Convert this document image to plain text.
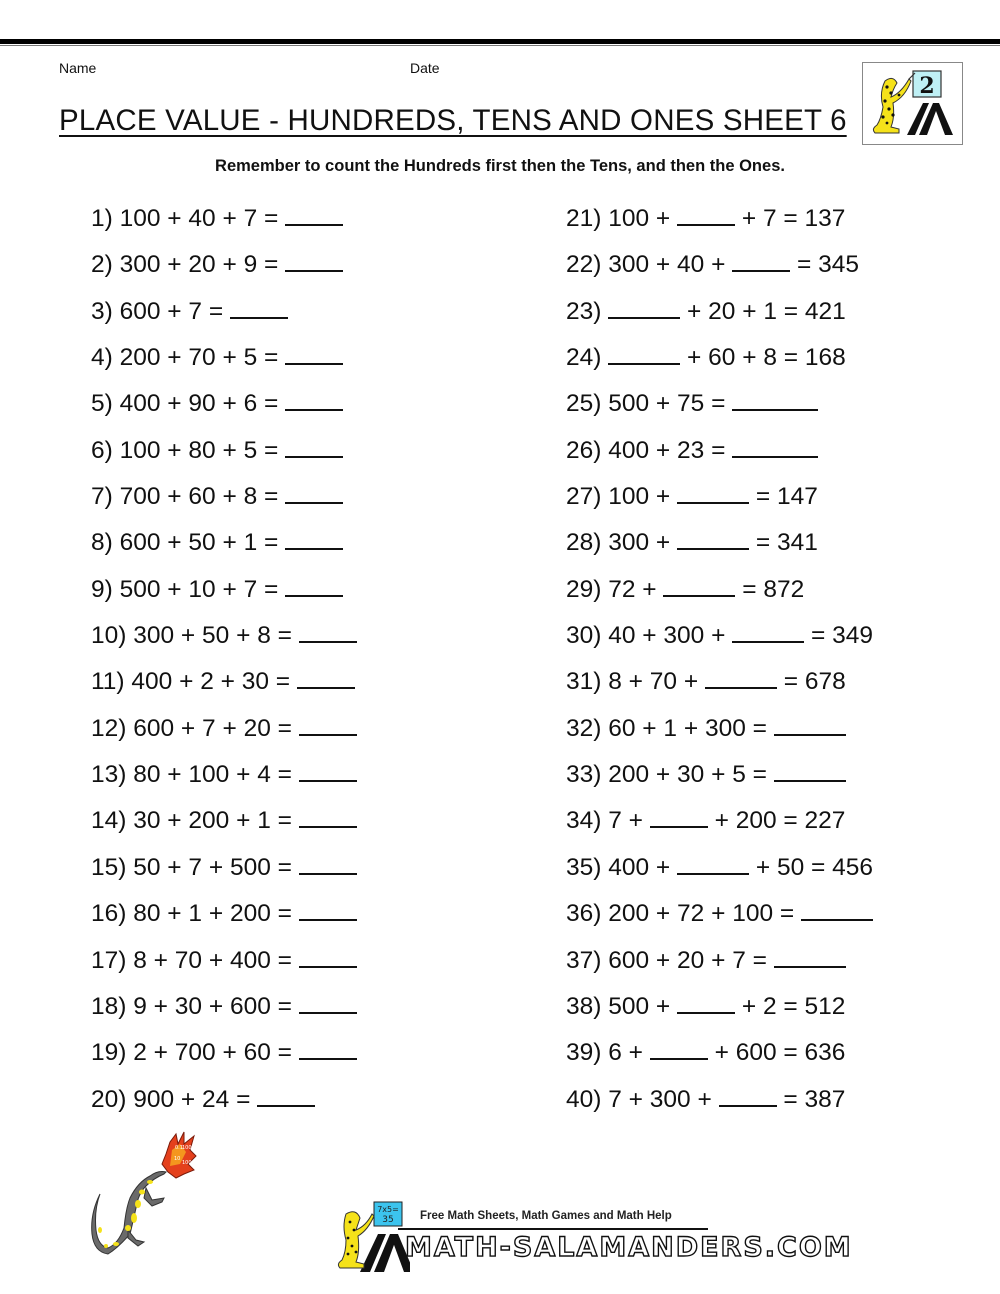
Name	Date
PLACE VALUE - HUNDREDS, TENS AND ONES SHEET 6
2
Remember to count the Hundreds first then the Tens, and then the Ones.
1) 100 + 40 + 7 =
2) 300 + 20 + 9 =
3) 600 + 7 =
4) 200 + 70 + 5 =
5) 400 + 90 + 6 =
6) 100 + 80 + 5 =
7) 700 + 60 + 8 =
8) 600 + 50 + 1 =
9) 500 + 10 + 7 =
10) 300 + 50 + 8 =
11) 400 + 2 + 30 =
12) 600 + 7 + 20 =
13) 80 + 100 + 4 =
14) 30 + 200 + 1 =
15) 50 + 7 + 500 =
16) 80 + 1 + 200 =
17) 8 + 70 + 400 =
18) 9 + 30 + 600 =
19) 2 + 700 + 60 =
20) 900 + 24 =
21) 100 +	+ 7 = 137
22) 300 + 40 +	= 345
23)	+ 20 + 1 = 421
24)	+ 60 + 8 = 168
25) 500 + 75 =
26) 400 + 23 =
27) 100 +	= 147
28) 300 +	= 341
29) 72 +	= 872
30) 40 + 300 +	= 349
31) 8 + 70 +	= 678
32) 60 + 1 + 300 =
33) 200 + 30 + 5 =
34) 7 +	+ 200 = 227
35) 400 +	+ 50 = 456
36) 200 + 72 + 100 =
37) 600 + 20 + 7 =
38) 500 +	+ 2 = 512
39) 6 +	+ 600 = 636
40) 7 + 300 +	= 387
0.1 1000
10
100
7x5=
35 Free Math Sheets, Math Games and Math Help
MATH-SALAMANDERS.COM
